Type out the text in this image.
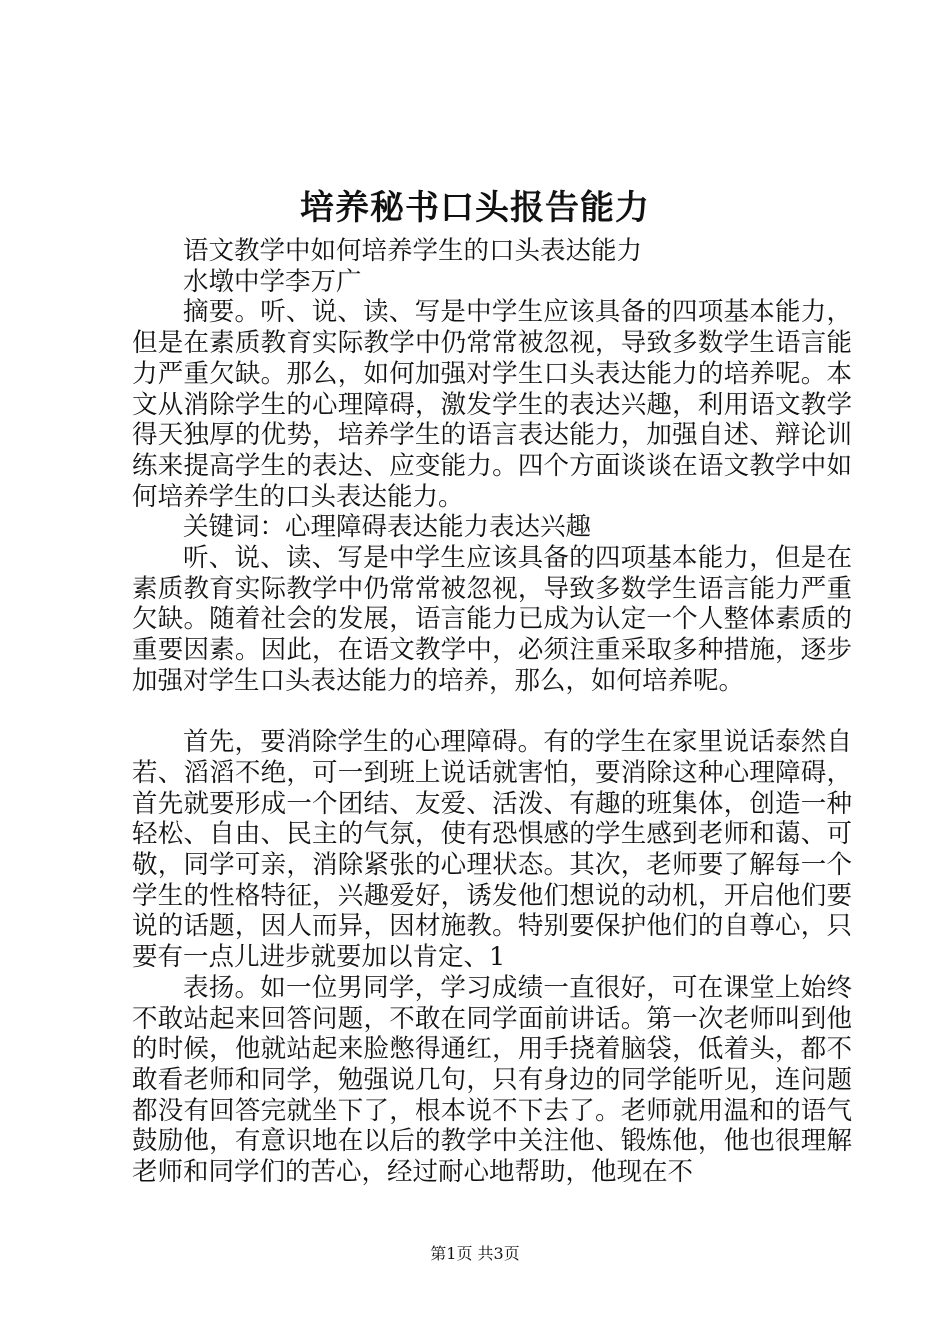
培养秘书口头报告能力

语文教学中如何培养学生的口头表达能力

水墩中学李万广

摘要。听、说、读、写是中学生应该具备的四项基本能力，但是在素质教育实际教学中仍常常被忽视，导致多数学生语言能力严重欠缺。那么，如何加强对学生口头表达能力的培养呢。本文从消除学生的心理障碍，激发学生的表达兴趣，利用语文教学得天独厚的优势，培养学生的语言表达能力，加强自述、辩论训练来提高学生的表达、应变能力。四个方面谈谈在语文教学中如何培养学生的口头表达能力。

关键词：心理障碍表达能力表达兴趣

听、说、读、写是中学生应该具备的四项基本能力，但是在素质教育实际教学中仍常常被忽视，导致多数学生语言能力严重欠缺。随着社会的发展，语言能力已成为认定一个人整体素质的重要因素。因此，在语文教学中，必须注重采取多种措施，逐步加强对学生口头表达能力的培养，那么，如何培养呢。

首先，要消除学生的心理障碍。有的学生在家里说话泰然自若、滔滔不绝，可一到班上说话就害怕，要消除这种心理障碍，首先就要形成一个团结、友爱、活泼、有趣的班集体，创造一种轻松、自由、民主的气氛，使有恐惧感的学生感到老师和蔼、可敬，同学可亲，消除紧张的心理状态。其次，老师要了解每一个学生的性格特征，兴趣爱好，诱发他们想说的动机，开启他们要说的话题，因人而异，因材施教。特别要保护他们的自尊心，只要有一点儿进步就要加以肯定、1

表扬。如一位男同学，学习成绩一直很好，可在课堂上始终不敢站起来回答问题，不敢在同学面前讲话。第一次老师叫到他的时候，他就站起来脸憋得通红，用手挠着脑袋，低着头，都不敢看老师和同学，勉强说几句，只有身边的同学能听见，连问题都没有回答完就坐下了，根本说不下去了。老师就用温和的语气鼓励他，有意识地在以后的教学中关注他、锻炼他，他也很理解老师和同学们的苦心，经过耐心地帮助，他现在不

第1页 共3页
